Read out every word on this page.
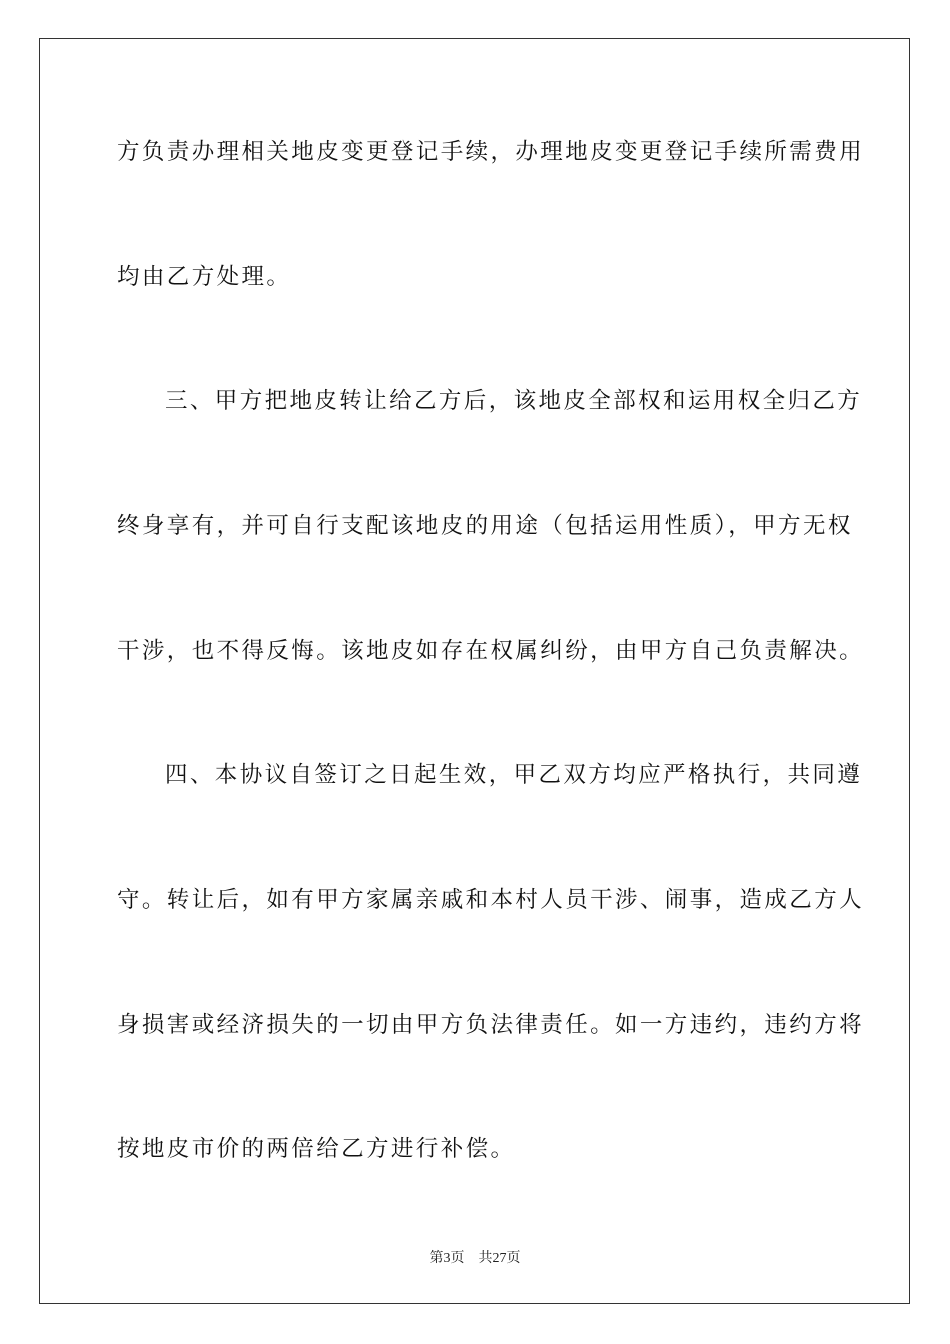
方负责办理相关地皮变更登记手续，办理地皮变更登记手续所需费用
均由乙方处理。
三、甲方把地皮转让给乙方后，该地皮全部权和运用权全归乙方
终身享有，并可自行支配该地皮的用途（包括运用性质），甲方无权
干涉，也不得反悔。该地皮如存在权属纠纷，由甲方自己负责解决。
四、本协议自签订之日起生效，甲乙双方均应严格执行，共同遵
守。转让后，如有甲方家属亲戚和本村人员干涉、闹事，造成乙方人
身损害或经济损失的一切由甲方负法律责任。如一方违约，违约方将
按地皮市价的两倍给乙方进行补偿。
第3页 共27页
